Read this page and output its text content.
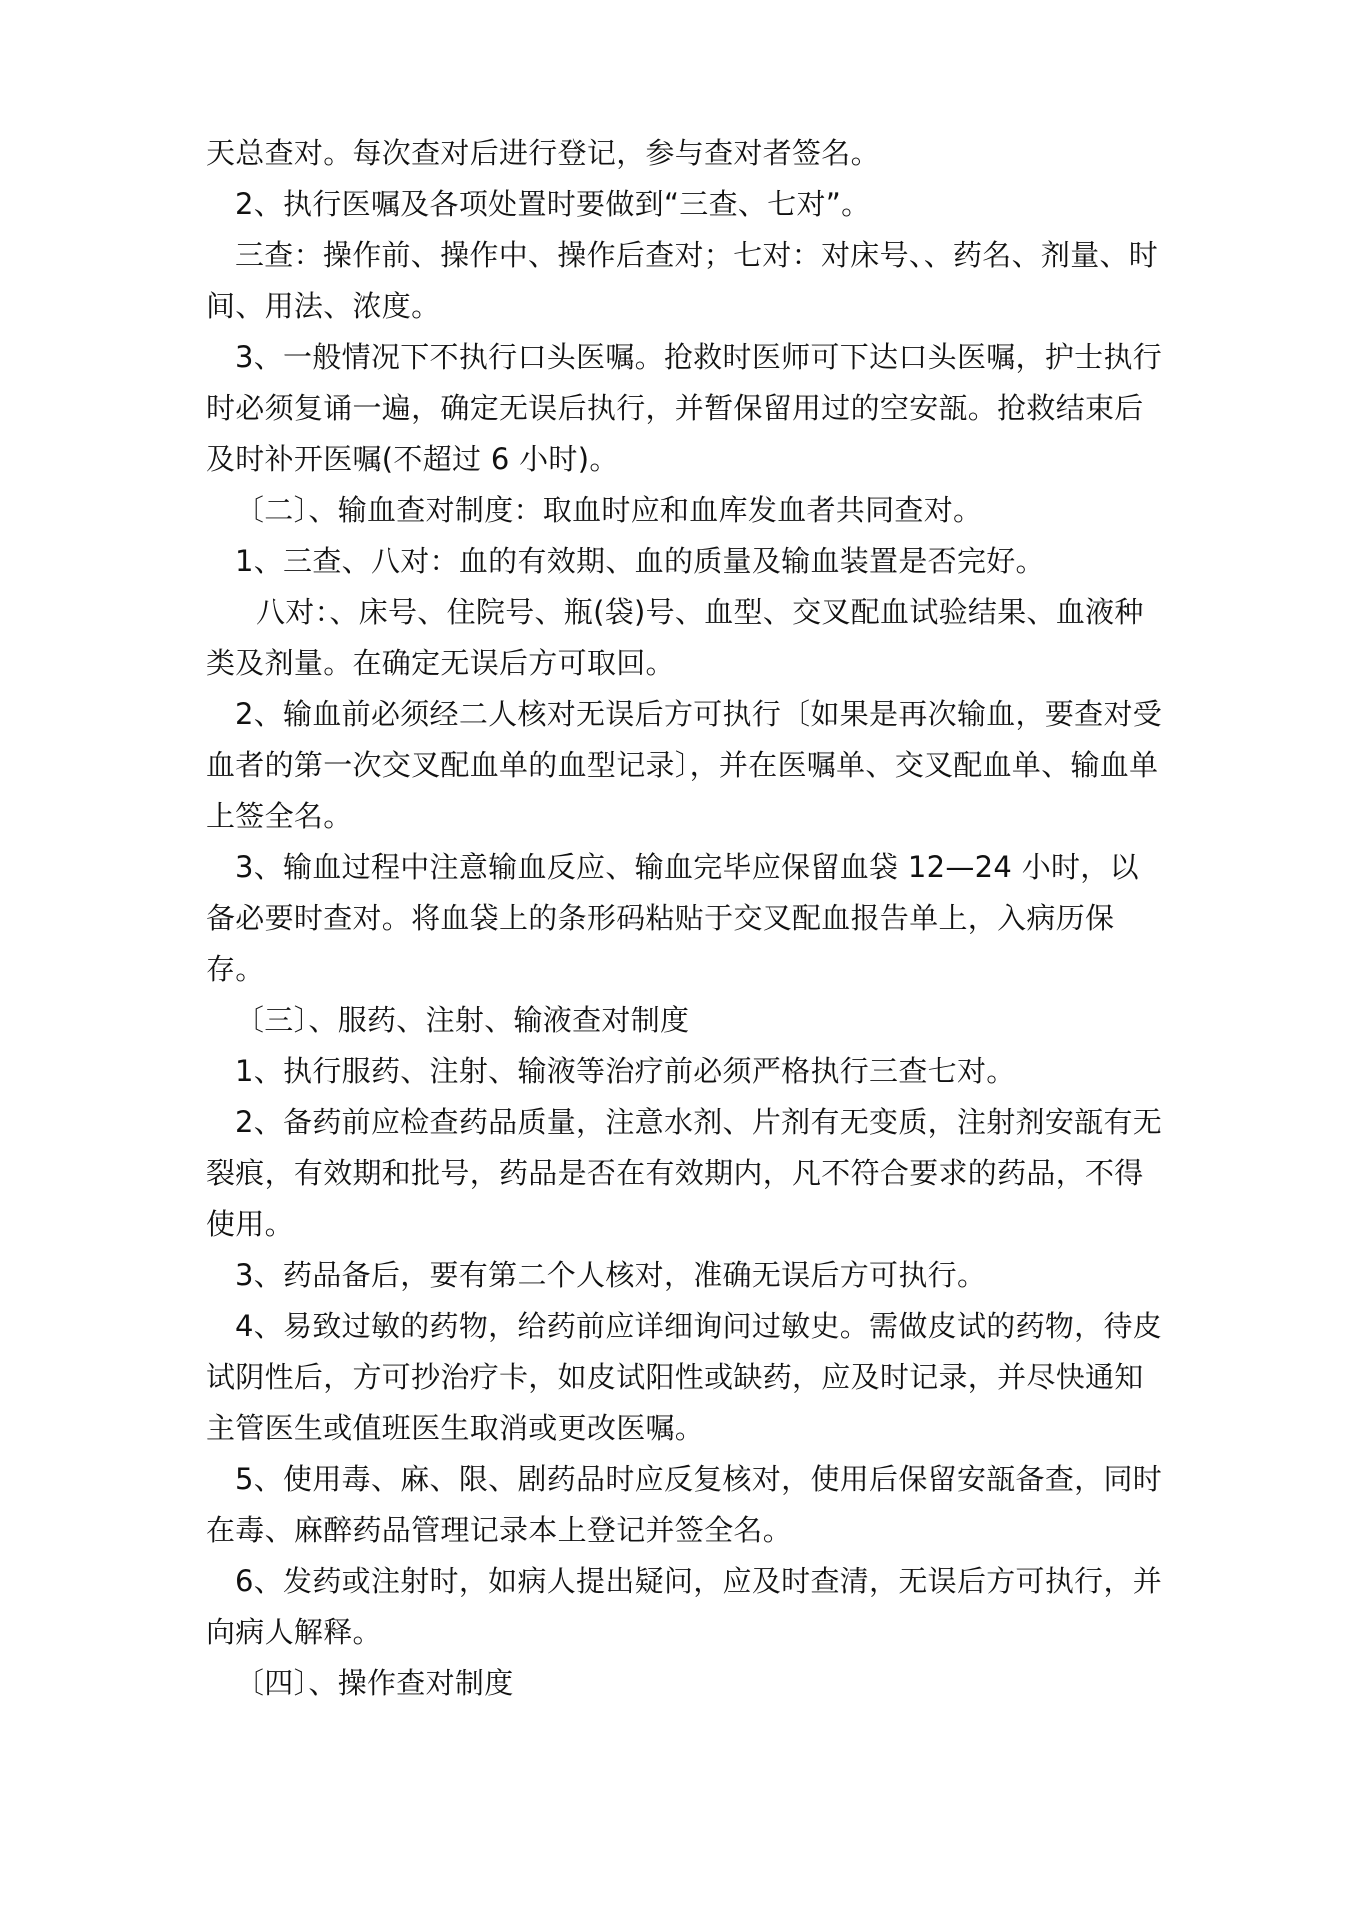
天总查对。每次查对后进行登记，参与查对者签名。

2、执行医嘱及各项处置时要做到“三查、七对”。

三查：操作前、操作中、操作后查对；七对：对床号、、药名、剂量、时间、用法、浓度。

3、一般情况下不执行口头医嘱。抢救时医师可下达口头医嘱，护士执行时必须复诵一遍，确定无误后执行，并暂保留用过的空安瓿。抢救结束后及时补开医嘱(不超过 6 小时)。

〔二〕、输血查对制度：取血时应和血库发血者共同查对。

1、三查、八对：血的有效期、血的质量及输血装置是否完好。

八对：、床号、住院号、瓶(袋)号、血型、交叉配血试验结果、血液种类及剂量。在确定无误后方可取回。

2、输血前必须经二人核对无误后方可执行〔如果是再次输血，要查对受血者的第一次交叉配血单的血型记录〕，并在医嘱单、交叉配血单、输血单上签全名。

3、输血过程中注意输血反应、输血完毕应保留血袋 12—24 小时，以备必要时查对。将血袋上的条形码粘贴于交叉配血报告单上，入病历保存。

〔三〕、服药、注射、输液查对制度

1、执行服药、注射、输液等治疗前必须严格执行三查七对。

2、备药前应检查药品质量，注意水剂、片剂有无变质，注射剂安瓿有无裂痕，有效期和批号，药品是否在有效期内，凡不符合要求的药品，不得使用。

3、药品备后，要有第二个人核对，准确无误后方可执行。

4、易致过敏的药物，给药前应详细询问过敏史。需做皮试的药物，待皮试阴性后，方可抄治疗卡，如皮试阳性或缺药，应及时记录，并尽快通知主管医生或值班医生取消或更改医嘱。

5、使用毒、麻、限、剧药品时应反复核对，使用后保留安瓿备查，同时在毒、麻醉药品管理记录本上登记并签全名。

6、发药或注射时，如病人提出疑问，应及时查清，无误后方可执行，并向病人解释。

〔四〕、操作查对制度
